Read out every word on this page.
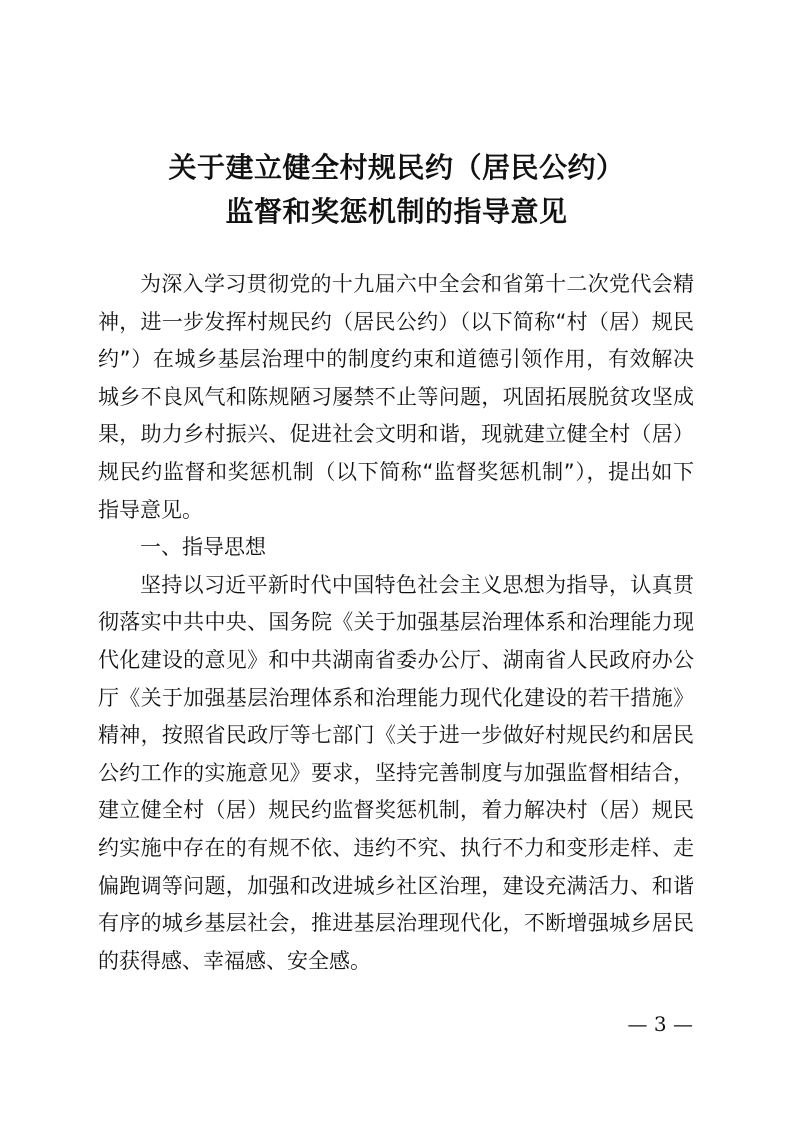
关于建立健全村规民约（居民公约）
监督和奖惩机制的指导意见

为深入学习贯彻党的十九届六中全会和省第十二次党代会精神，进一步发挥村规民约（居民公约）（以下简称“村（居）规民约”）在城乡基层治理中的制度约束和道德引领作用，有效解决城乡不良风气和陈规陋习屡禁不止等问题，巩固拓展脱贫攻坚成果，助力乡村振兴、促进社会文明和谐，现就建立健全村（居）规民约监督和奖惩机制（以下简称“监督奖惩机制”），提出如下指导意见。

一、指导思想

坚持以习近平新时代中国特色社会主义思想为指导，认真贯彻落实中共中央、国务院《关于加强基层治理体系和治理能力现代化建设的意见》和中共湖南省委办公厅、湖南省人民政府办公厅《关于加强基层治理体系和治理能力现代化建设的若干措施》精神，按照省民政厅等七部门《关于进一步做好村规民约和居民公约工作的实施意见》要求，坚持完善制度与加强监督相结合，建立健全村（居）规民约监督奖惩机制，着力解决村（居）规民约实施中存在的有规不依、违约不究、执行不力和变形走样、走偏跑调等问题，加强和改进城乡社区治理，建设充满活力、和谐有序的城乡基层社会，推进基层治理现代化，不断增强城乡居民的获得感、幸福感、安全感。

— 3 —
